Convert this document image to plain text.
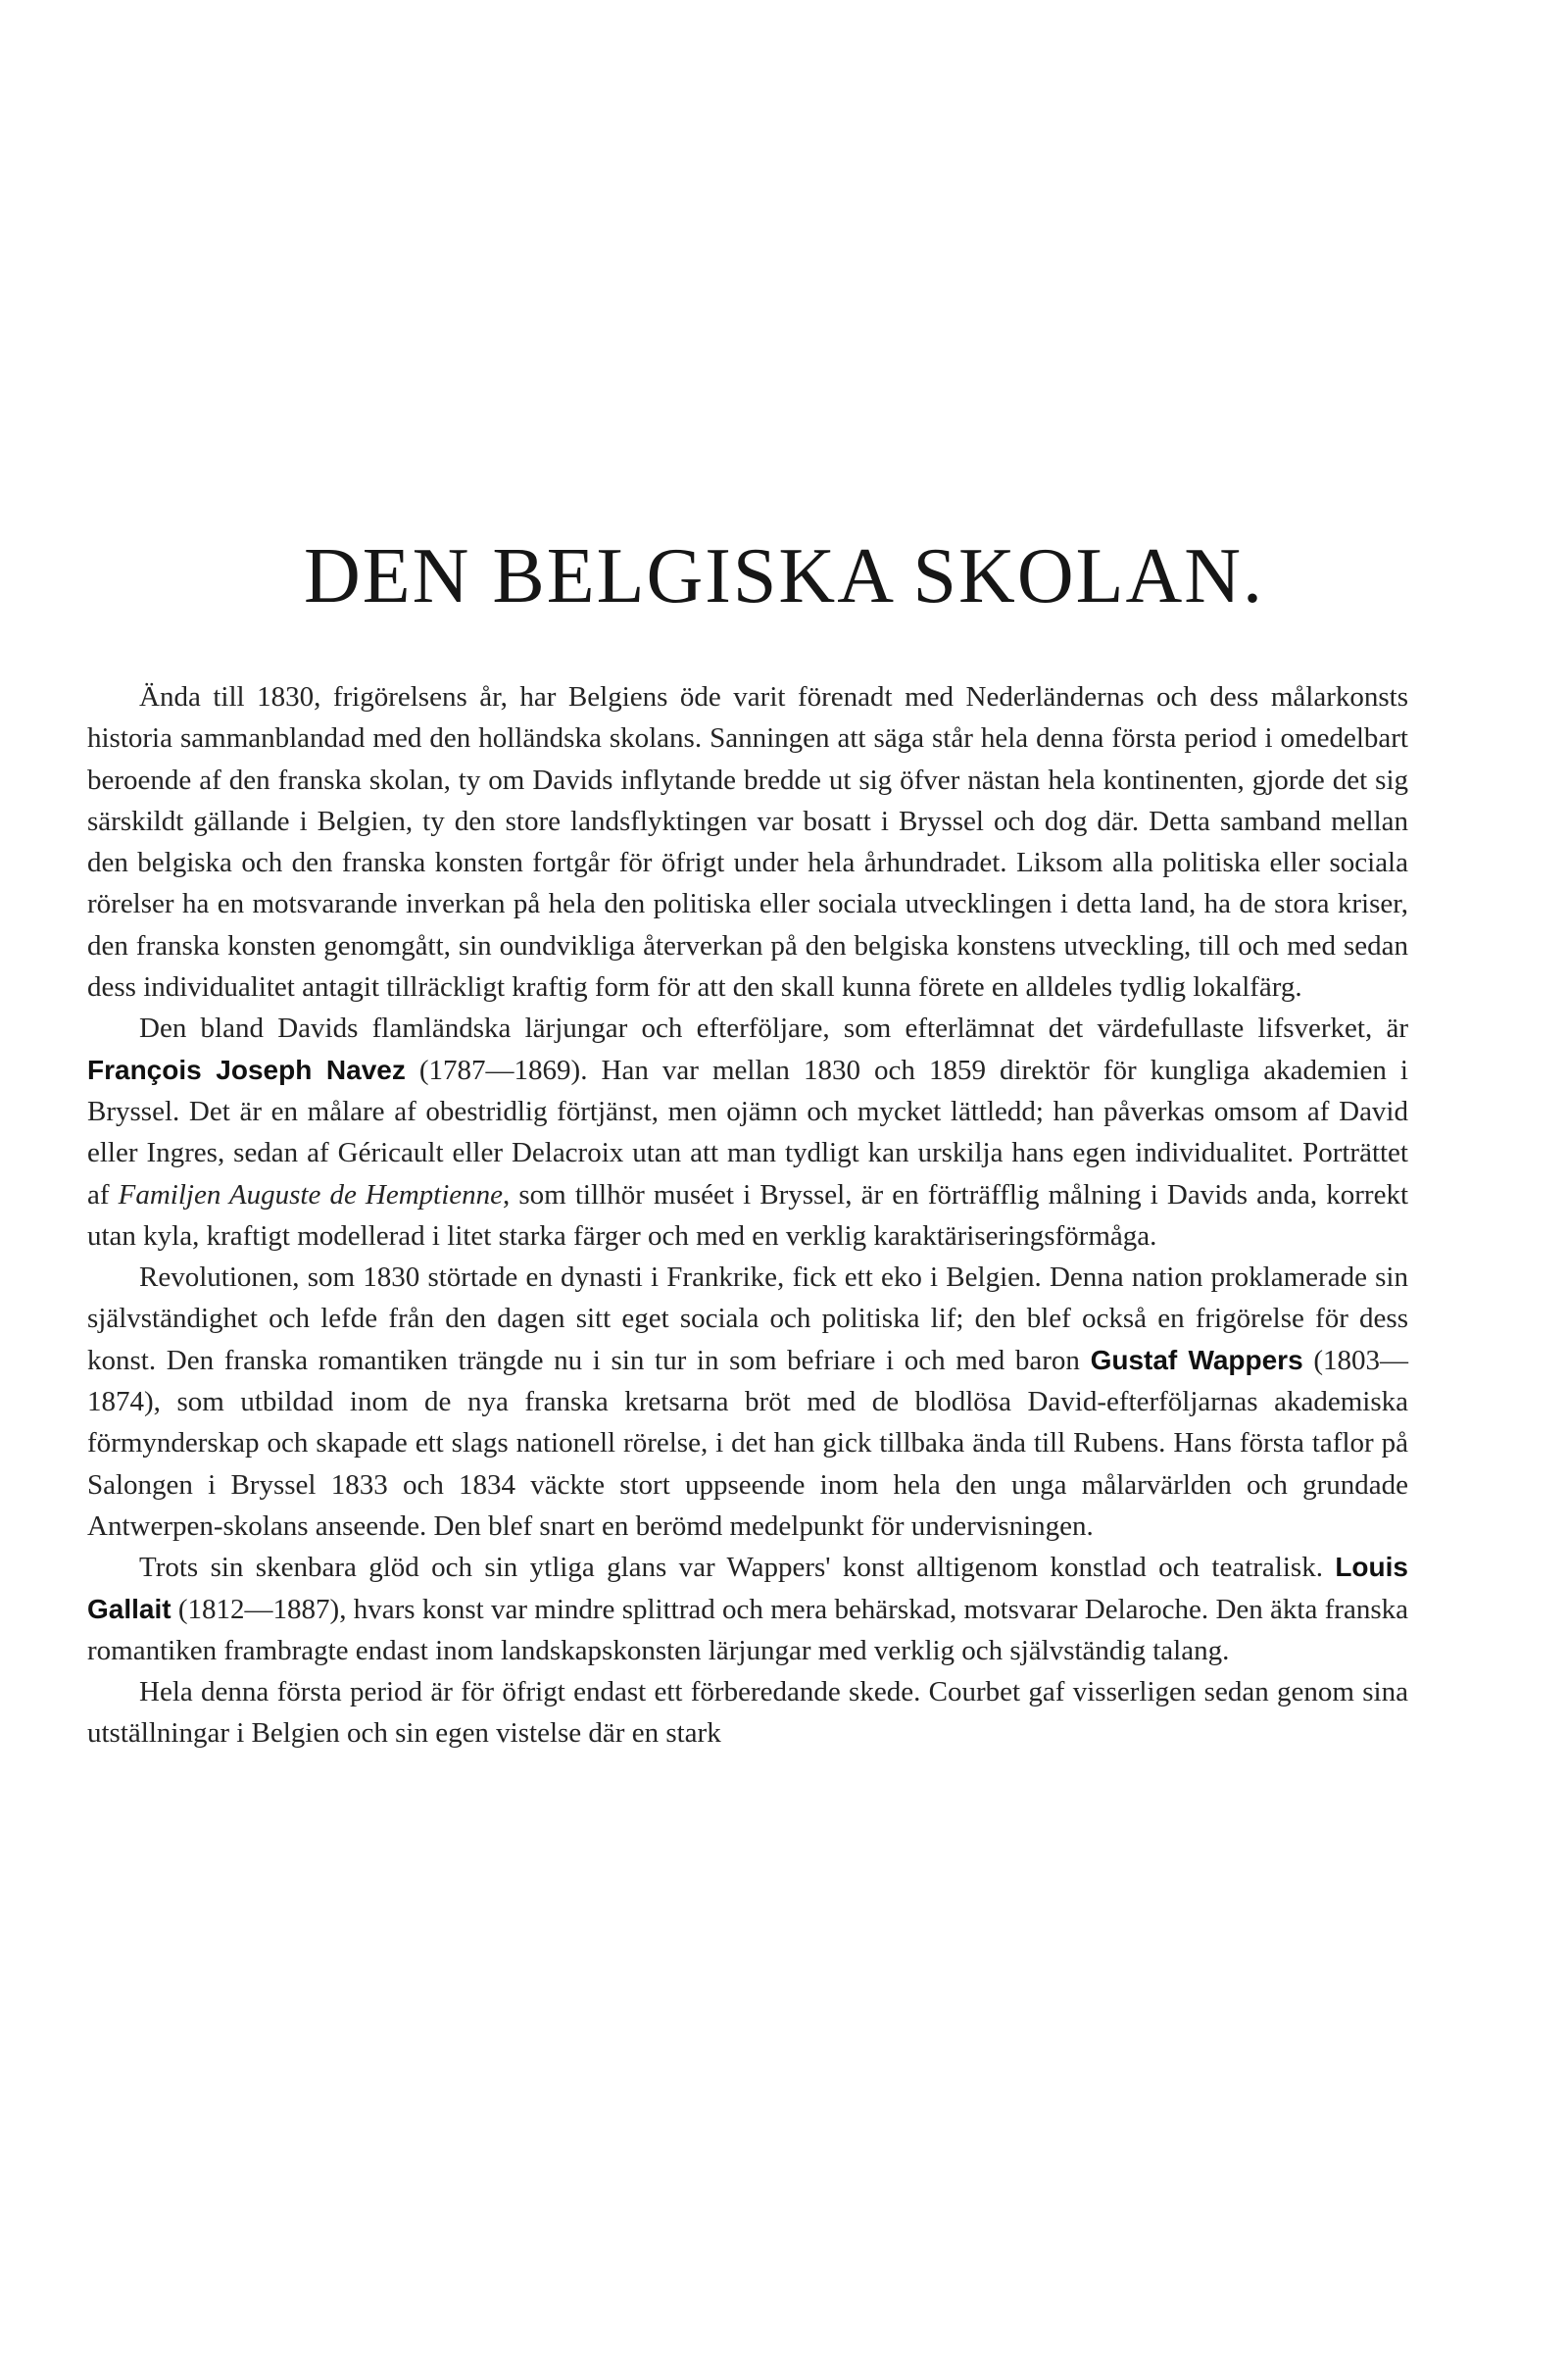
DEN BELGISKA SKOLAN.

Ända till 1830, frigörelsens år, har Belgiens öde varit förenadt med Nederländernas och dess målarkonsts historia sammanblandad med den holländska skolans. Sanningen att säga står hela denna första period i omedelbart beroende af den franska skolan, ty om Davids inflytande bredde ut sig öfver nästan hela kontinenten, gjorde det sig särskildt gällande i Belgien, ty den store landsflyktingen var bosatt i Bryssel och dog där. Detta samband mellan den belgiska och den franska konsten fortgår för öfrigt under hela århundradet. Liksom alla politiska eller sociala rörelser ha en motsvarande inverkan på hela den politiska eller sociala utvecklingen i detta land, ha de stora kriser, den franska konsten genomgått, sin oundvikliga återverkan på den belgiska konstens utveckling, till och med sedan dess individualitet antagit tillräckligt kraftig form för att den skall kunna förete en alldeles tydlig lokalfärg.

Den bland Davids flamländska lärjungar och efterföljare, som efterlämnat det värdefullaste lifsverket, är François Joseph Navez (1787—1869). Han var mellan 1830 och 1859 direktör för kungliga akademien i Bryssel. Det är en målare af obestridlig förtjänst, men ojämn och mycket lättledd; han påverkas omsom af David eller Ingres, sedan af Géricault eller Delacroix utan att man tydligt kan urskilja hans egen individualitet. Porträttet af Familjen Auguste de Hemptienne, som tillhör muséet i Bryssel, är en förträfflig målning i Davids anda, korrekt utan kyla, kraftigt modellerad i litet starka färger och med en verklig karaktäriseringsförmåga.

Revolutionen, som 1830 störtade en dynasti i Frankrike, fick ett eko i Belgien. Denna nation proklamerade sin självständighet och lefde från den dagen sitt eget sociala och politiska lif; den blef också en frigörelse för dess konst. Den franska romantiken trängde nu i sin tur in som befriare i och med baron Gustaf Wappers (1803—1874), som utbildad inom de nya franska kretsarna bröt med de blodlösa David-efterföljarnas akademiska förmynderskap och skapade ett slags nationell rörelse, i det han gick tillbaka ända till Rubens. Hans första taflor på Salongen i Bryssel 1833 och 1834 väckte stort uppseende inom hela den unga målarvärlden och grundade Antwerpen-skolans anseende. Den blef snart en berömd medelpunkt för undervisningen.

Trots sin skenbara glöd och sin ytliga glans var Wappers' konst alltigenom konstlad och teatralisk. Louis Gallait (1812—1887), hvars konst var mindre splittrad och mera behärskad, motsvarar Delaroche. Den äkta franska romantiken frambragte endast inom landskapskonsten lärjungar med verklig och självständig talang.

Hela denna första period är för öfrigt endast ett förberedande skede. Courbet gaf visserligen sedan genom sina utställningar i Belgien och sin egen vistelse där en stark
